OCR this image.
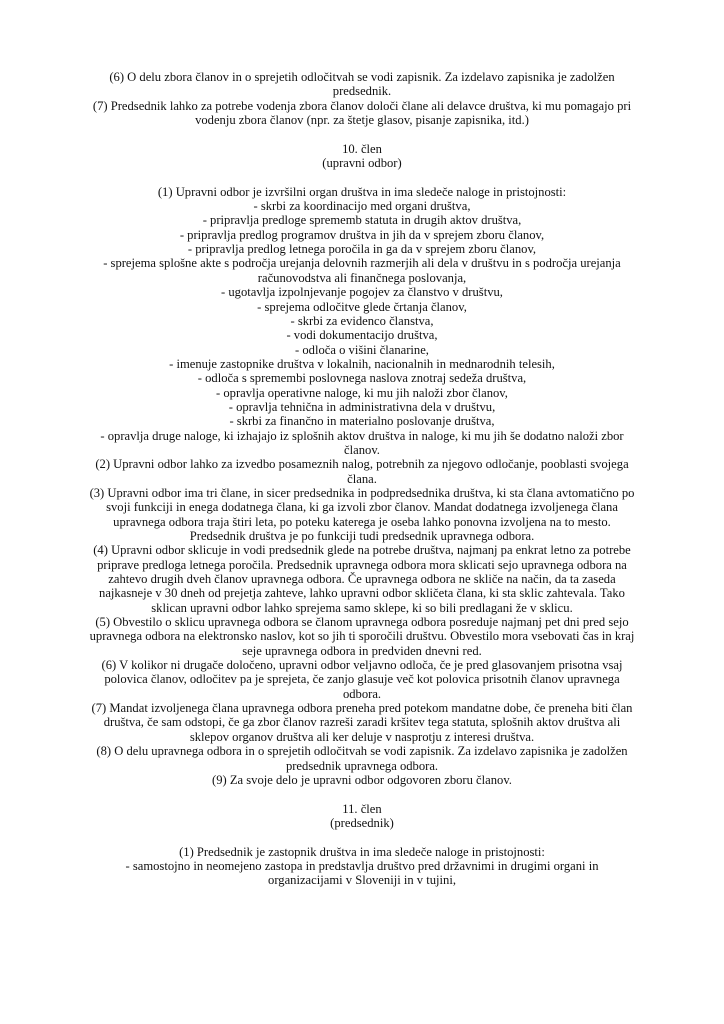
(6) O delu zbora članov in o sprejetih odločitvah se vodi zapisnik. Za izdelavo zapisnika je zadolžen
predsednik.
(7) Predsednik lahko za potrebe vodenja zbora članov določi člane ali delavce društva, ki mu pomagajo pri
vodenju zbora članov (npr. za štetje glasov, pisanje zapisnika, itd.)
10. člen
(upravni odbor)
(1) Upravni odbor je izvršilni organ društva in ima sledeče naloge in pristojnosti:
- skrbi za koordinacijo med organi društva,
- pripravlja predloge sprememb statuta in drugih aktov društva,
- pripravlja predlog programov društva in jih da v sprejem zboru članov,
- pripravlja predlog letnega poročila in ga da v sprejem zboru članov,
- sprejema splošne akte s področja urejanja delovnih razmerjih ali dela v društvu in s področja urejanja
računovodstva ali finančnega poslovanja,
- ugotavlja izpolnjevanje pogojev za članstvo v društvu,
- sprejema odločitve glede črtanja članov,
- skrbi za evidenco članstva,
- vodi dokumentacijo društva,
- odloča o višini članarine,
- imenuje zastopnike društva v lokalnih, nacionalnih in mednarodnih telesih,
- odloča s spremembi poslovnega naslova znotraj sedeža društva,
- opravlja operativne naloge, ki mu jih naloži zbor članov,
- opravlja tehnična in administrativna dela v društvu,
- skrbi za finančno in materialno poslovanje društva,
- opravlja druge naloge, ki izhajajo iz splošnih aktov društva in naloge, ki mu jih še dodatno naloži zbor
članov.
(2) Upravni odbor lahko za izvedbo posameznih nalog, potrebnih za njegovo odločanje, pooblasti svojega
člana.
(3) Upravni odbor ima tri člane, in sicer predsednika in podpredsednika društva, ki sta člana avtomatično po
svoji funkciji in enega dodatnega člana, ki ga izvoli zbor članov. Mandat dodatnega izvoljenega člana
upravnega odbora traja štiri leta, po poteku katerega je oseba lahko ponovna izvoljena na to mesto.
Predsednik društva je po funkciji tudi predsednik upravnega odbora.
(4) Upravni odbor sklicuje in vodi predsednik glede na potrebe društva, najmanj pa enkrat letno za potrebe
priprave predloga letnega poročila. Predsednik upravnega odbora mora sklicati sejo upravnega odbora na
zahtevo drugih dveh članov upravnega odbora. Če upravnega odbora ne skliče na način, da ta zaseda
najkasneje v 30 dneh od prejetja zahteve, lahko upravni odbor skličeta člana, ki sta sklic zahtevala. Tako
sklican upravni odbor lahko sprejema samo sklepe, ki so bili predlagani že v sklicu.
(5) Obvestilo o sklicu upravnega odbora se članom upravnega odbora posreduje najmanj pet dni pred sejo
upravnega odbora na elektronsko naslov, kot so jih ti sporočili društvu. Obvestilo mora vsebovati čas in kraj
seje upravnega odbora in predviden dnevni red.
(6) V kolikor ni drugače določeno, upravni odbor veljavno odloča, če je pred glasovanjem prisotna vsaj
polovica članov, odločitev pa je sprejeta, če zanjo glasuje več kot polovica prisotnih članov upravnega
odbora.
(7) Mandat izvoljenega člana upravnega odbora preneha pred potekom mandatne dobe, če preneha biti član
društva, če sam odstopi, če ga zbor članov razreši zaradi kršitev tega statuta, splošnih aktov društva ali
sklepov organov društva ali ker deluje v nasprotju z interesi društva.
(8) O delu upravnega odbora in o sprejetih odločitvah se vodi zapisnik. Za izdelavo zapisnika je zadolžen
predsednik upravnega odbora.
(9) Za svoje delo je upravni odbor odgovoren zboru članov.
11. člen
(predsednik)
(1) Predsednik je zastopnik društva in ima sledeče naloge in pristojnosti:
- samostojno in neomejeno zastopa in predstavlja društvo pred državnimi in drugimi organi in
organizacijami v Sloveniji in v tujini,
